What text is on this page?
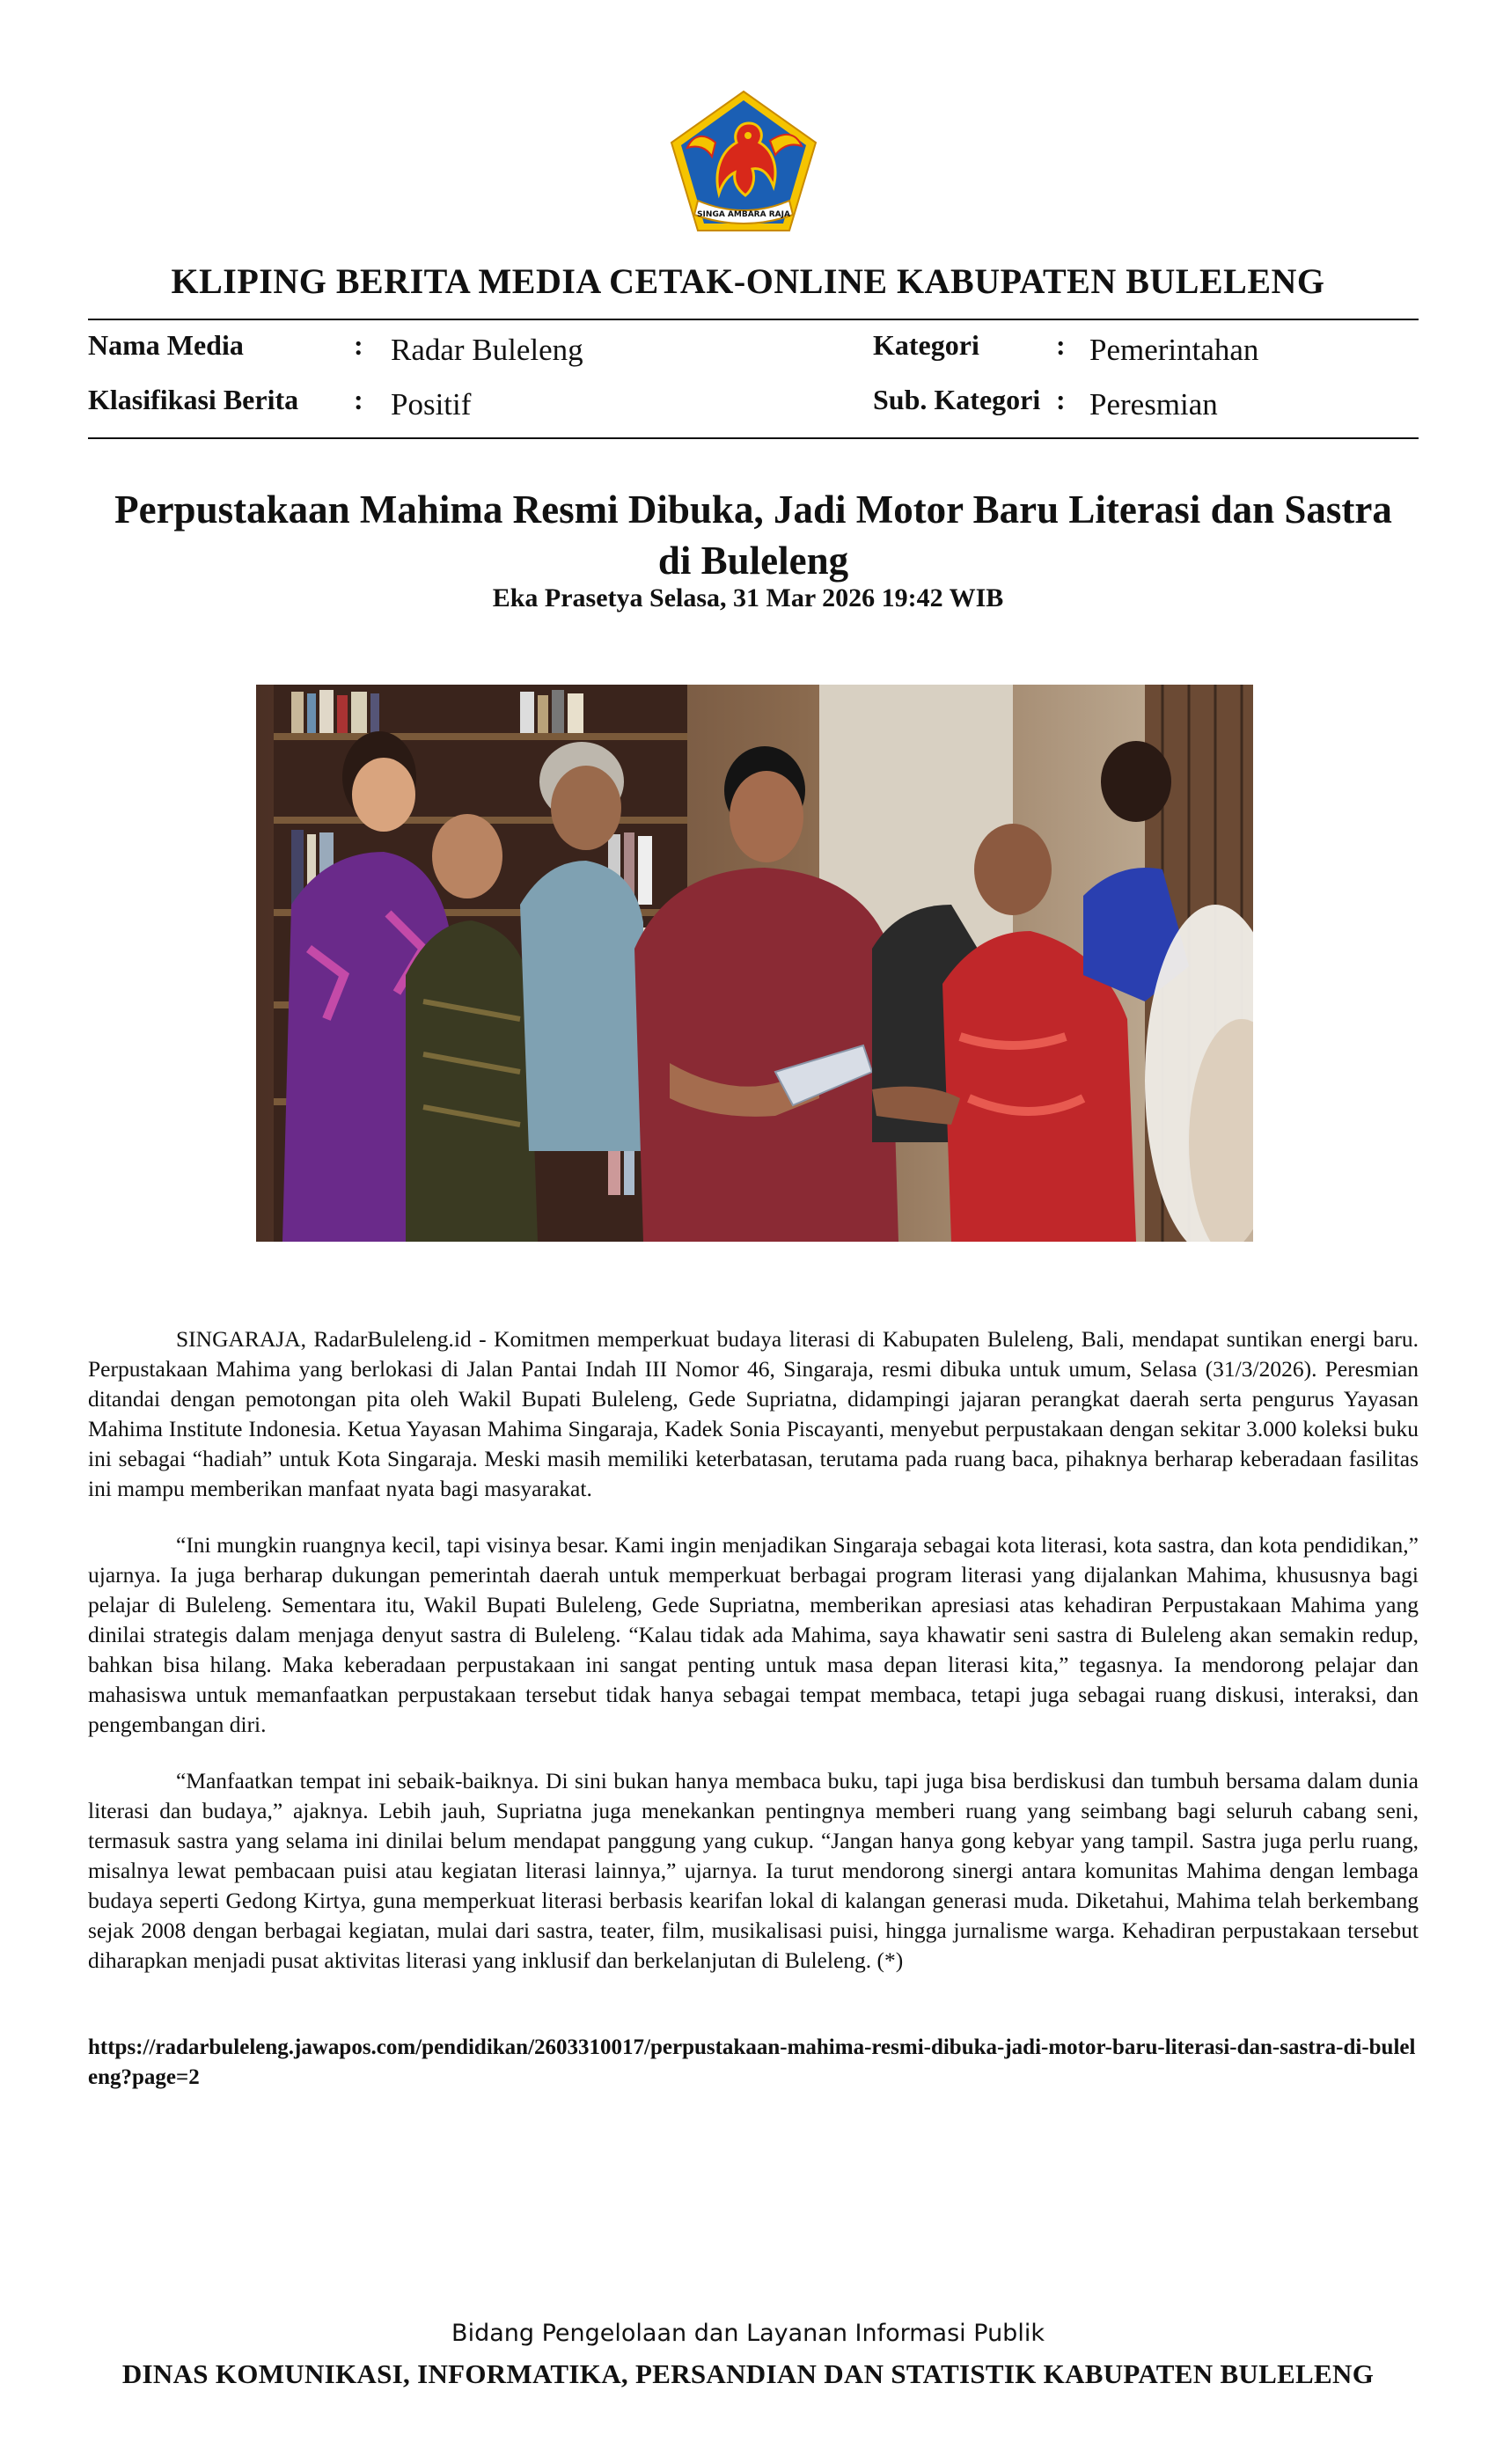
SINGA AMBARA RAJA
KLIPING BERITA MEDIA CETAK-ONLINE KABUPATEN BULELENG
Nama Media	: Radar Buleleng
Klasifikasi Berita : Positif
Kategori	: Pemerintahan
Sub. Kategori : Peresmian
Perpustakaan Mahima Resmi Dibuka, Jadi Motor Baru Literasi dan Sastra di Buleleng
Eka Prasetya Selasa, 31 Mar 2026 19:42 WIB

SINGARAJA, RadarBuleleng.id - Komitmen memperkuat budaya literasi di Kabupaten Buleleng, Bali, mendapat suntikan energi baru. Perpustakaan Mahima yang berlokasi di Jalan Pantai Indah III Nomor 46, Singaraja, resmi dibuka untuk umum, Selasa (31/3/2026). Peresmian ditandai dengan pemotongan pita oleh Wakil Bupati Buleleng, Gede Supriatna, didampingi jajaran perangkat daerah serta pengurus Yayasan Mahima Institute Indonesia. Ketua Yayasan Mahima Singaraja, Kadek Sonia Piscayanti, menyebut perpustakaan dengan sekitar 3.000 koleksi buku ini sebagai “hadiah” untuk Kota Singaraja. Meski masih memiliki keterbatasan, terutama pada ruang baca, pihaknya berharap keberadaan fasilitas ini mampu memberikan manfaat nyata bagi masyarakat.

“Ini mungkin ruangnya kecil, tapi visinya besar. Kami ingin menjadikan Singaraja sebagai kota literasi, kota sastra, dan kota pendidikan,” ujarnya. Ia juga berharap dukungan pemerintah daerah untuk memperkuat berbagai program literasi yang dijalankan Mahima, khususnya bagi pelajar di Buleleng. Sementara itu, Wakil Bupati Buleleng, Gede Supriatna, memberikan apresiasi atas kehadiran Perpustakaan Mahima yang dinilai strategis dalam menjaga denyut sastra di Buleleng. “Kalau tidak ada Mahima, saya khawatir seni sastra di Buleleng akan semakin redup, bahkan bisa hilang. Maka keberadaan perpustakaan ini sangat penting untuk masa depan literasi kita,” tegasnya. Ia mendorong pelajar dan mahasiswa untuk memanfaatkan perpustakaan tersebut tidak hanya sebagai tempat membaca, tetapi juga sebagai ruang diskusi, interaksi, dan pengembangan diri.

“Manfaatkan tempat ini sebaik-baiknya. Di sini bukan hanya membaca buku, tapi juga bisa berdiskusi dan tumbuh bersama dalam dunia literasi dan budaya,” ajaknya. Lebih jauh, Supriatna juga menekankan pentingnya memberi ruang yang seimbang bagi seluruh cabang seni, termasuk sastra yang selama ini dinilai belum mendapat panggung yang cukup. “Jangan hanya gong kebyar yang tampil. Sastra juga perlu ruang, misalnya lewat pembacaan puisi atau kegiatan literasi lainnya,” ujarnya. Ia turut mendorong sinergi antara komunitas Mahima dengan lembaga budaya seperti Gedong Kirtya, guna memperkuat literasi berbasis kearifan lokal di kalangan generasi muda. Diketahui, Mahima telah berkembang sejak 2008 dengan berbagai kegiatan, mulai dari sastra, teater, film, musikalisasi puisi, hingga jurnalisme warga. Kehadiran perpustakaan tersebut diharapkan menjadi pusat aktivitas literasi yang inklusif dan berkelanjutan di Buleleng. (*)

https://radarbuleleng.jawapos.com/pendidikan/2603310017/perpustakaan-mahima-resmi-dibuka-jadi-motor-baru-literasi-dan-sastra-di-buleleng?page=2
Bidang Pengelolaan dan Layanan Informasi Publik
DINAS KOMUNIKASI, INFORMATIKA, PERSANDIAN DAN STATISTIK KABUPATEN BULELENG
